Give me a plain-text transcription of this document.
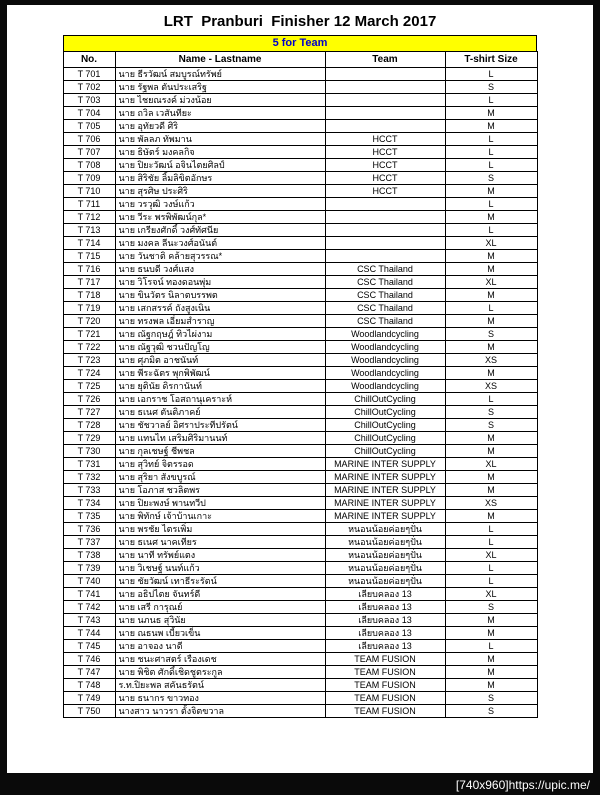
LRT  Pranburi  Finisher 12 March 2017
5 for Team
No.	Name - Lastname	Team	T-shirt Size
T 701	นาย ธีรวัฒน์ สมบูรณ์ทรัพย์		L
T 702	นาย รัฐพล ตันประเสริฐ		S
T 703	นาย ไชยณรงค์ ม่วงน้อย		L
T 704	นาย ถวิล เวสันทียะ		M
T 705	นาย อุทัยวดี ศิริ		M
T 706	นาย พัลลภ ทัพมาน	HCCT	L
T 707	นาย ธิษัตร์ มงคลกิจ	HCCT	L
T 708	นาย ปิยะวัฒน์ อจินไตยศิลป์	HCCT	L
T 709	นาย สิริชัย ลิ้มลิขิตอักษร	HCCT	S
T 710	นาย สุรศิษ ประศิริ	HCCT	M
T 711	นาย วรวุฒิ วงษ์แก้ว		L
T 712	นาย วีระ พรพิพัฒน์กุล*		M
T 713	นาย เกรียงศักดิ์ วงศ์ทัศนีย		L
T 714	นาย มงคล ลีนะวงศ์อนันต์		XL
T 715	นาย วันชาติ คล้ายสุวรรณ*		M
T 716	นาย ธนบดี วงศ์แสง	CSC Thailand	M
T 717	นาย วิโรจน์ ทองดอนพุ่ม	CSC Thailand	XL
T 718	นาย ขินวัตร นิลาตบรรพต	CSC Thailand	M
T 719	นาย เสกสรรค์ ถังสูงเนิน	CSC Thailand	L
T 720	นาย ทรงพล เอี่ยมสำราญ	CSC Thailand	M
T 721	นาย ณัฐกฤษฎ์ ทิวไผ่งาม	Woodlandcycling	S
T 722	นาย ณัฐวุฒิ ชวนปัญโญ	Woodlandcycling	M
T 723	นาย ศุภมิต อาชนันท์	Woodlandcycling	XS
T 724	นาย พีระฉัตร พุกพิพัฒน์	Woodlandcycling	M
T 725	นาย ยุตินัย ดิรกานันท์	Woodlandcycling	XS
T 726	นาย เอกราช โอสถานุเคราะห์	ChillOutCycling	L
T 727	นาย ธเนศ ตันติภาคย์	ChillOutCycling	S
T 728	นาย ชัชวาลย์ อิศราประทีปรัตน์	ChillOutCycling	S
T 729	นาย แทนไท เสริมศิริมานนท์	ChillOutCycling	M
T 730	นาย กุลเชษฐ์ ชีพชล	ChillOutCycling	M
T 731	นาย สุวิทย์ จิตรรอด	MARINE INTER SUPPLY	XL
T 732	นาย สุริยา สังขบูรณ์	MARINE INTER SUPPLY	M
T 733	นาย โอภาส ชวลิตพร	MARINE INTER SUPPLY	M
T 734	นาย ปิยะพงษ์ พานทวีป	MARINE INTER SUPPLY	XS
T 735	นาย พิทักษ์ เจ้าบ้านเกาะ	MARINE INTER SUPPLY	M
T 736	นาย พรชัย ไตรเพิ่ม	หนอนน้อยค่อยๆปั่น	L
T 737	นาย ธเนศ นาคเทียร	หนอนน้อยค่อยๆปั่น	L
T 738	นาย นาที ทรัพย์แตง	หนอนน้อยค่อยๆปั่น	XL
T 739	นาย วิเชษฐ์ นนท์แก้ว	หนอนน้อยค่อยๆปั่น	L
T 740	นาย ชัยวัฒน์ เทาธีระรัตน์	หนอนน้อยค่อยๆปั่น	L
T 741	นาย อธิปไตย จันทร์ดี	เลียบคลอง 13	XL
T 742	นาย เสรี การุณย์	เลียบคลอง 13	S
T 743	นาย นภนธ สุวินัย	เลียบคลอง 13	M
T 744	นาย ณธนพ เบี้ยวเข็น	เลียบคลอง 13	M
T 745	นาย อาจอง นาดี	เลียบคลอง 13	L
T 746	นาย ชนะศาสตร์ เรืองเดช	TEAM FUSION	M
T 747	นาย พิชิต ศักดิ์เชิดชูตระกูล	TEAM FUSION	M
T 748	ร.ท.ปิยะพล สคันธรัตน์	TEAM FUSION	M
T 749	นาย ธนากร ขาวทอง	TEAM FUSION	S
T 750	นางสาว นาวรา ตั้งจิตขวาล	TEAM FUSION	S
[740x960]https://upic.me/
